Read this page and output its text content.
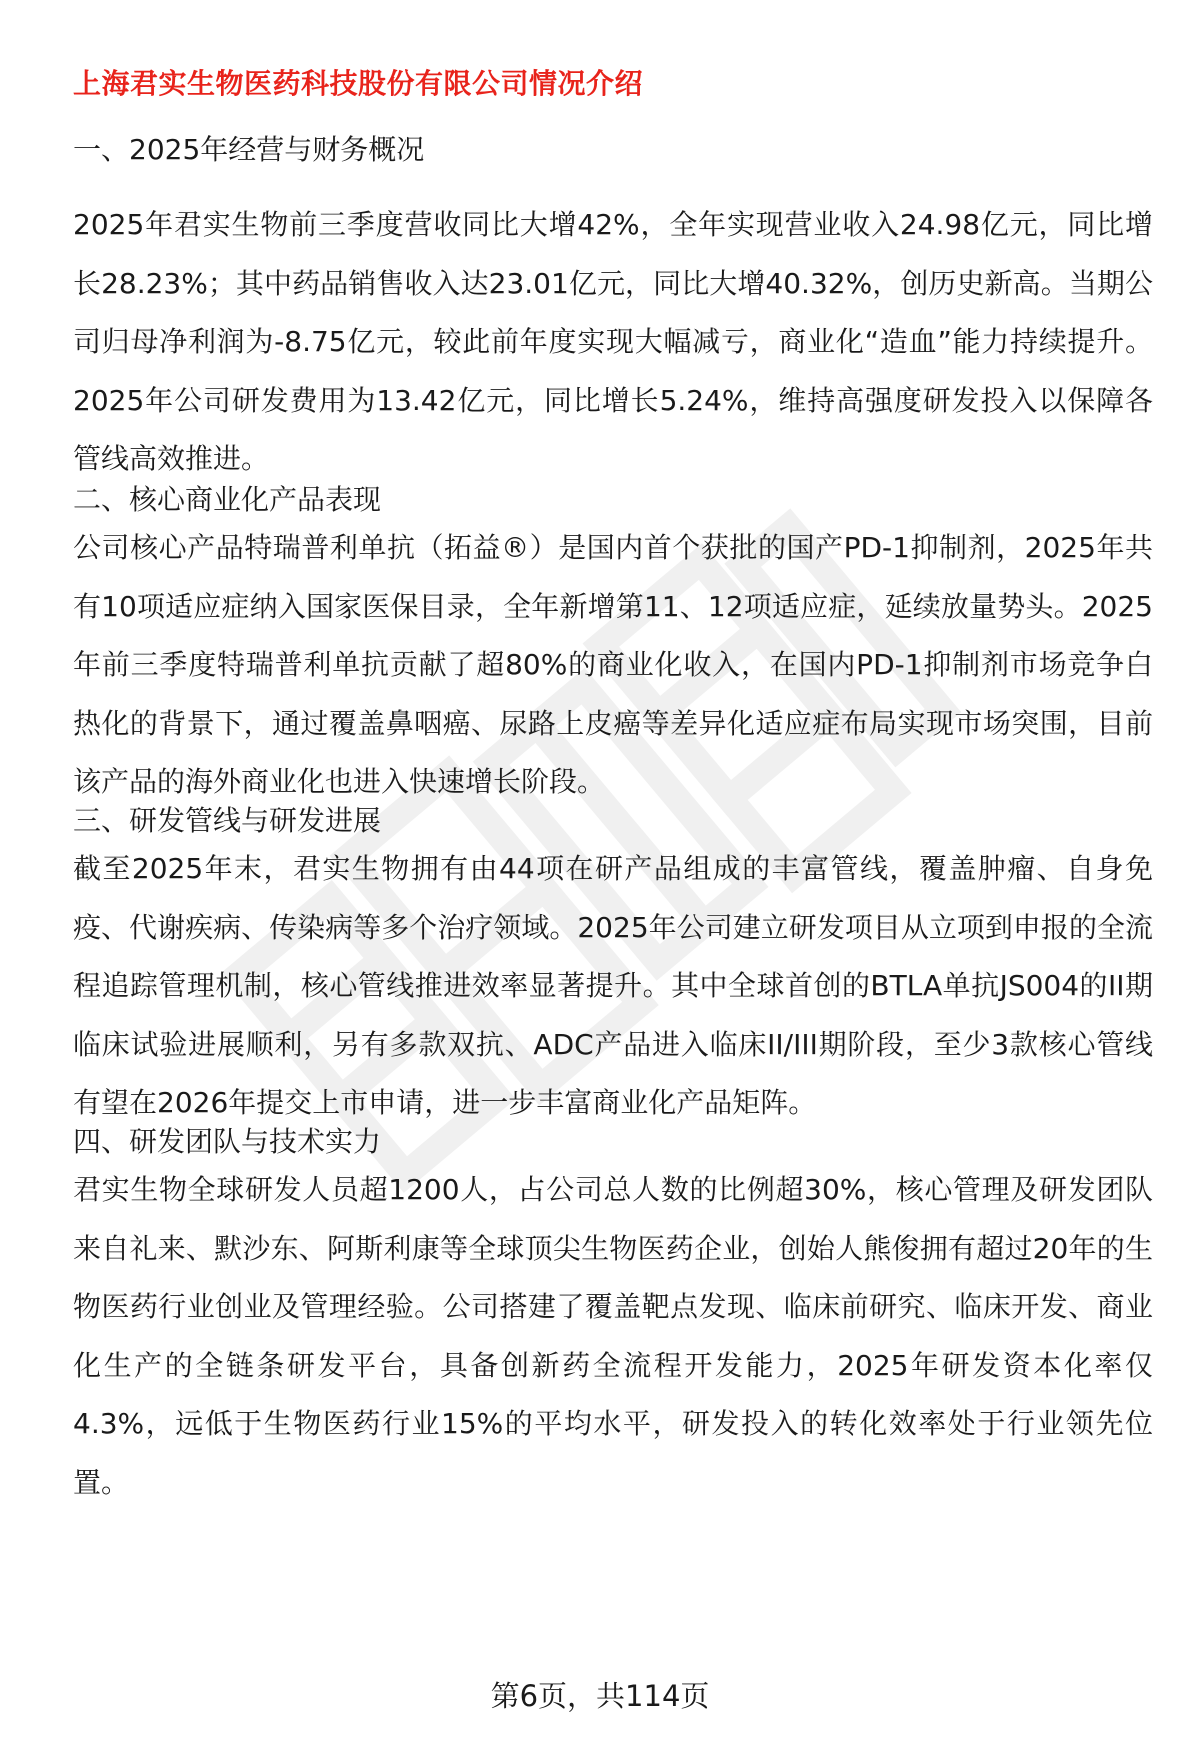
上海君实生物医药科技股份有限公司情况介绍
一、2025年经营与财务概况

2025年君实生物前三季度营收同比大增42%，全年实现营业收入24.98亿元，同比增长28.23%；其中药品销售收入达23.01亿元，同比大增40.32%，创历史新高。当期公司归母净利润为-8.75亿元，较此前年度实现大幅减亏，商业化“造血”能力持续提升。2025年公司研发费用为13.42亿元，同比增长5.24%，维持高强度研发投入以保障各管线高效推进。

二、核心商业化产品表现

公司核心产品特瑞普利单抗（拓益®）是国内首个获批的国产PD-1抑制剂，2025年共有10项适应症纳入国家医保目录，全年新增第11、12项适应症，延续放量势头。2025年前三季度特瑞普利单抗贡献了超80%的商业化收入，在国内PD-1抑制剂市场竞争白热化的背景下，通过覆盖鼻咽癌、尿路上皮癌等差异化适应症布局实现市场突围，目前该产品的海外商业化也进入快速增长阶段。

三、研发管线与研发进展

截至2025年末，君实生物拥有由44项在研产品组成的丰富管线，覆盖肿瘤、自身免疫、代谢疾病、传染病等多个治疗领域。2025年公司建立研发项目从立项到申报的全流程追踪管理机制，核心管线推进效率显著提升。其中全球首创的BTLA单抗JS004的II期临床试验进展顺利，另有多款双抗、ADC产品进入临床II/III期阶段，至少3款核心管线有望在2026年提交上市申请，进一步丰富商业化产品矩阵。

四、研发团队与技术实力

君实生物全球研发人员超1200人，占公司总人数的比例超30%，核心管理及研发团队来自礼来、默沙东、阿斯利康等全球顶尖生物医药企业，创始人熊俊拥有超过20年的生物医药行业创业及管理经验。公司搭建了覆盖靶点发现、临床前研究、临床开发、商业化生产的全链条研发平台，具备创新药全流程开发能力，2025年研发资本化率仅4.3%，远低于生物医药行业15%的平均水平，研发投入的转化效率处于行业领先位置。

第6页，共114页
